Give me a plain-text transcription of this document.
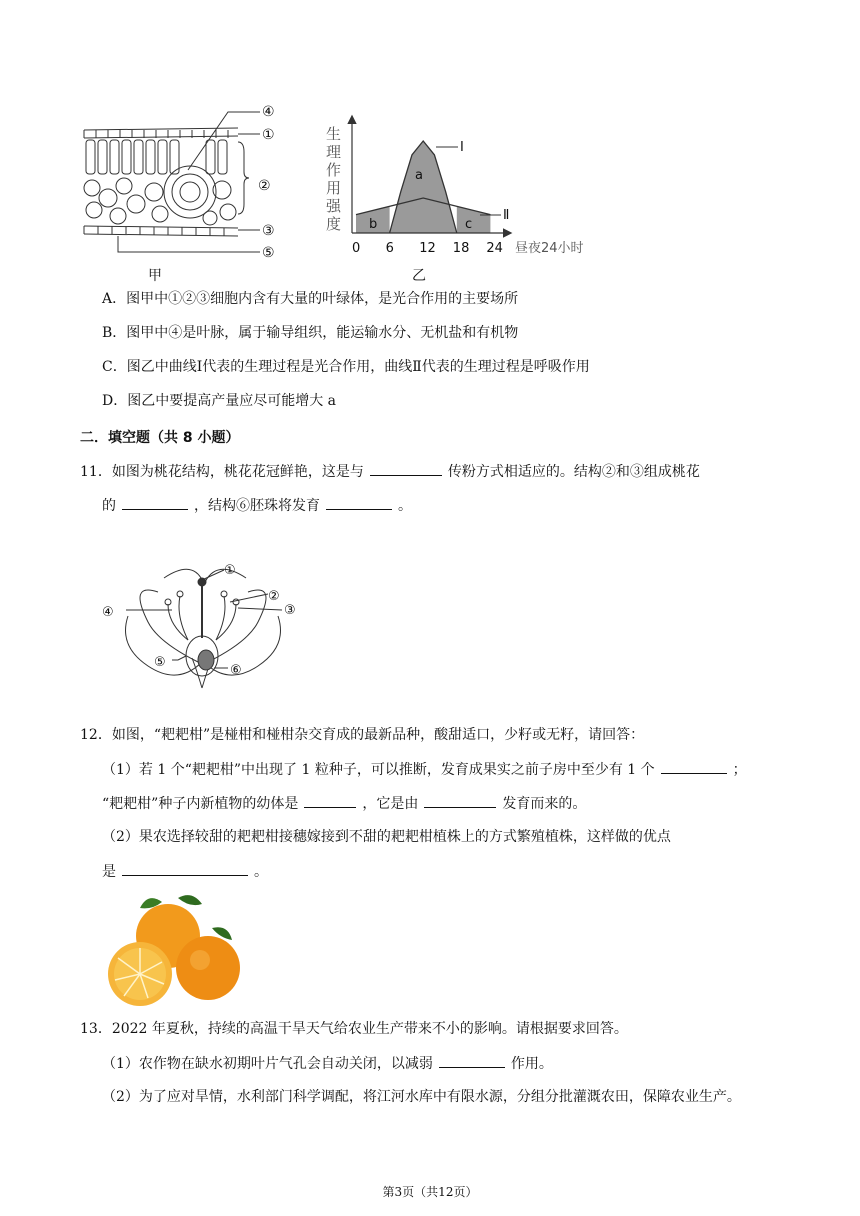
④
①
②
③
⑤
甲
生
理
作
用
强
度
0 6 12 18 24 昼夜24小时
I
Ⅱ
a
b	c
乙
A．图甲中①②③细胞内含有大量的叶绿体，是光合作用的主要场所
B．图甲中④是叶脉，属于输导组织，能运输水分、无机盐和有机物
C．图乙中曲线Ⅰ代表的生理过程是光合作用，曲线Ⅱ代表的生理过程是呼吸作用
D．图乙中要提高产量应尽可能增大 a
二．填空题（共 8 小题）
11．如图为桃花结构，桃花花冠鲜艳，这是与	传粉方式相适应的。结构②和③组成桃花
的	，结构⑥胚珠将发育	。
①
②
③
④
⑤
⑥
12．如图，“耙耙柑”是椪柑和椪柑杂交育成的最新品种，酸甜适口，少籽或无籽，请回答：
（1）若 1 个“耙耙柑”中出现了 1 粒种子，可以推断，发育成果实之前子房中至少有 1 个	；
“耙耙柑”种子内新植物的幼体是	，它是由	发育而来的。
（2）果农选择较甜的耙耙柑接穗嫁接到不甜的耙耙柑植株上的方式繁殖植株，这样做的优点
是	。
13．2022 年夏秋，持续的高温干旱天气给农业生产带来不小的影响。请根据要求回答。
（1）农作物在缺水初期叶片气孔会自动关闭，以减弱	作用。
（2）为了应对旱情，水利部门科学调配，将江河水库中有限水源，分组分批灌溉农田，保障农业生产。
第3页（共12页）
